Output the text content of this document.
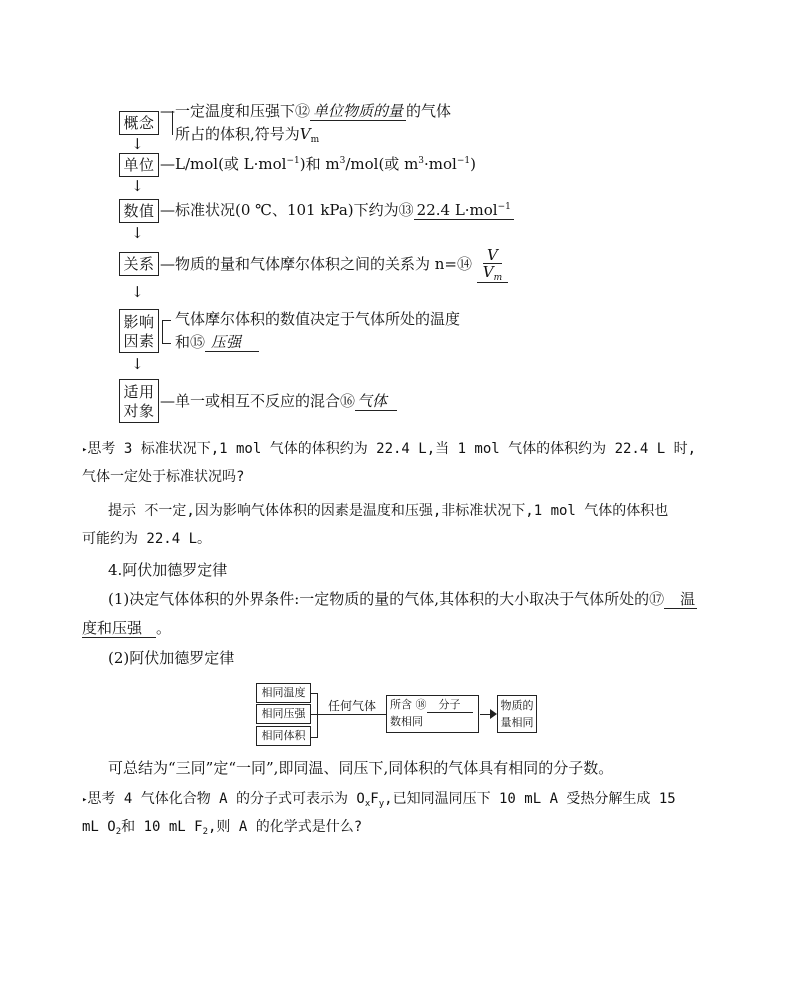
概念
—一定温度和压强下⑫ 单位物质的量 的气体
所占的体积,符号为$V_m$
↓
单位 —L/mol(或 L·mol$^{-1}$)和 $m^3/mol$(或 $m^3\cdot mol^{-1}$)
↓
数值 —标准状况(0 ℃、101 kPa)下约为⑬ 22.4 L·mol$^{-1}$
↓
关系 —物质的量和气体摩尔体积之间的关系为 n=⑭ $\frac{V}{V_m}$
↓
影响
因素
气体摩尔体积的数值决定于气体所处的温度
和⑮ 压强
↓
适用
对象
—单一或相互不反应的混合⑯ 气体
▸思考 3 标准状况下,1 mol 气体的体积约为 22.4 L,当 1 mol 气体的体积约为 22.4 L 时,
气体一定处于标准状况吗?
提示 不一定,因为影响气体体积的因素是温度和压强,非标准状况下,1 mol 气体的体积也
可能约为 22.4 L。
4.阿伏加德罗定律
(1)决定气体体积的外界条件:一定物质的量的气体,其体积的大小取决于气体所处的⑰ 温
度和压强 。
(2)阿伏加德罗定律
相同温度
相同压强
相同体积
任何气体 所含 ⑱ 分子
数相同
物质的
量相同
可总结为“三同”定“一同”,即同温、同压下,同体积的气体具有相同的分子数。
▸思考 4 气体化合物 A 的分子式可表示为 $O_xF_y$,已知同温同压下 10 mL A 受热分解生成 15
mL $O_2$和 10 mL $F_2$,则 A 的化学式是什么?
